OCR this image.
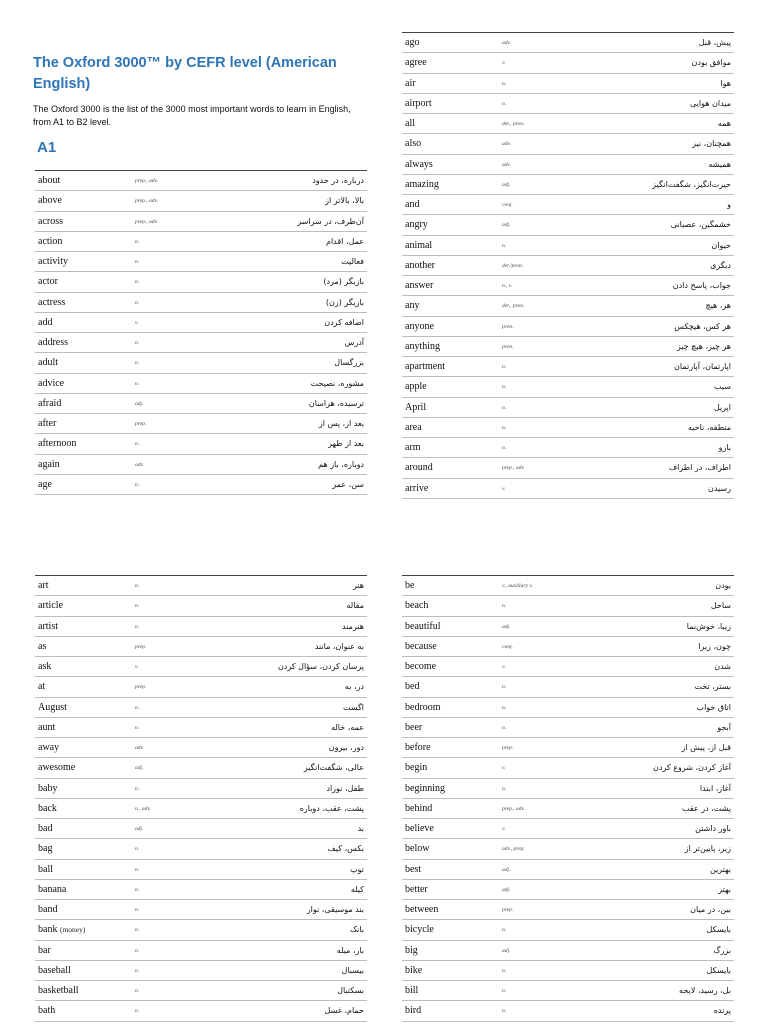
The Oxford 3000™ by CEFR level (American English)

The Oxford 3000 is the list of the 3000 most important words to learn in English, from A1 to B2 level.

A1
about	prep., adv.	درباره، در حدود
above	prep., adv.	بالا، بالاتر از
across	prep., adv.	آن‌طرف، در سراسر
action	n.	عمل، اقدام
activity	n.	فعالیت
actor	n.	بازیگر (مرد)
actress	n.	بازیگر (زن)
add	v.	اضافه کردن
address	n.	آدرس
adult	n.	بزرگسال
advice	n.	مشوره، نصیحت
afraid	adj.	ترسیده، هراسان
after	prep.	بعد از، پس از
afternoon	n.	بعد از ظهر
again	adv.	دوباره، باز هم
age	n.	سن، عمر
ago	adv.	پیش، قبل
agree	v.	موافق بودن
air	n.	هوا
airport	n.	میدان هوایی
all	det., pron.	همه
also	adv.	همچنان، نیز
always	adv.	همیشه
amazing	adj.	حیرت‌انگیز، شگفت‌انگیز
and	conj.	و
angry	adj.	خشمگین، عصبانی
animal	n.	حیوان
another	det./pron.	دیگری
answer	n., v.	جواب، پاسخ دادن
any	det., pron.	هر، هیچ
anyone	pron.	هر کس، هیچکس
anything	pron.	هر چیز، هیچ چیز
apartment	n.	اپارتمان، آپارتمان
apple	n.	سیب
April	n.	اپریل
area	n.	منطقه، ناحیه
arm	n.	بازو
around	prep., adv.	اطراف، در اطراف
arrive	v.	رسیدن
art	n.	هنر
article	n.	مقاله
artist	n.	هنرمند
as	prep.	به عنوان، مانند
ask	v.	پرسان کردن، سؤال کردن
at	prep.	در، به
August	n.	اگست
aunt	n.	عمه، خاله
away	adv.	دور، بیرون
awesome	adj.	عالی، شگفت‌انگیز
baby	n.	طفل، نوزاد
back	n., adv.	پشت، عقب، دوباره
bad	adj.	بد
bag	n.	بکس، کیف
ball	n.	توپ
banana	n.	کیله
band	n.	بند موسیقی، نوار
bank (money)	n.	بانک
bar	n.	بار، میله
baseball	n.	بیسبال
basketball	n.	بسکتبال
bath	n.	حمام، غسل
be	v., auxiliary v.	بودن
beach	n.	ساحل
beautiful	adj.	زیبا، خوش‌نما
because	conj.	چون، زیرا
become	v.	شدن
bed	n.	بستر، تخت
bedroom	n.	اتاق خواب
beer	n.	آبجو
before	prep.	قبل از، پیش از
begin	v.	آغاز کردن، شروع کردن
beginning	n.	آغاز، ابتدا
behind	prep., adv.	پشت، در عقب
believe	v.	باور داشتن
below	adv., prep.	زیر، پایین‌تر از
best	adj.	بهترین
better	adj.	بهتر
between	prep.	بین، در میان
bicycle	n.	بایسکل
big	adj.	بزرگ
bike	n.	بایسکل
bill	n.	بل، رسید، لایحه
bird	n.	پرنده
